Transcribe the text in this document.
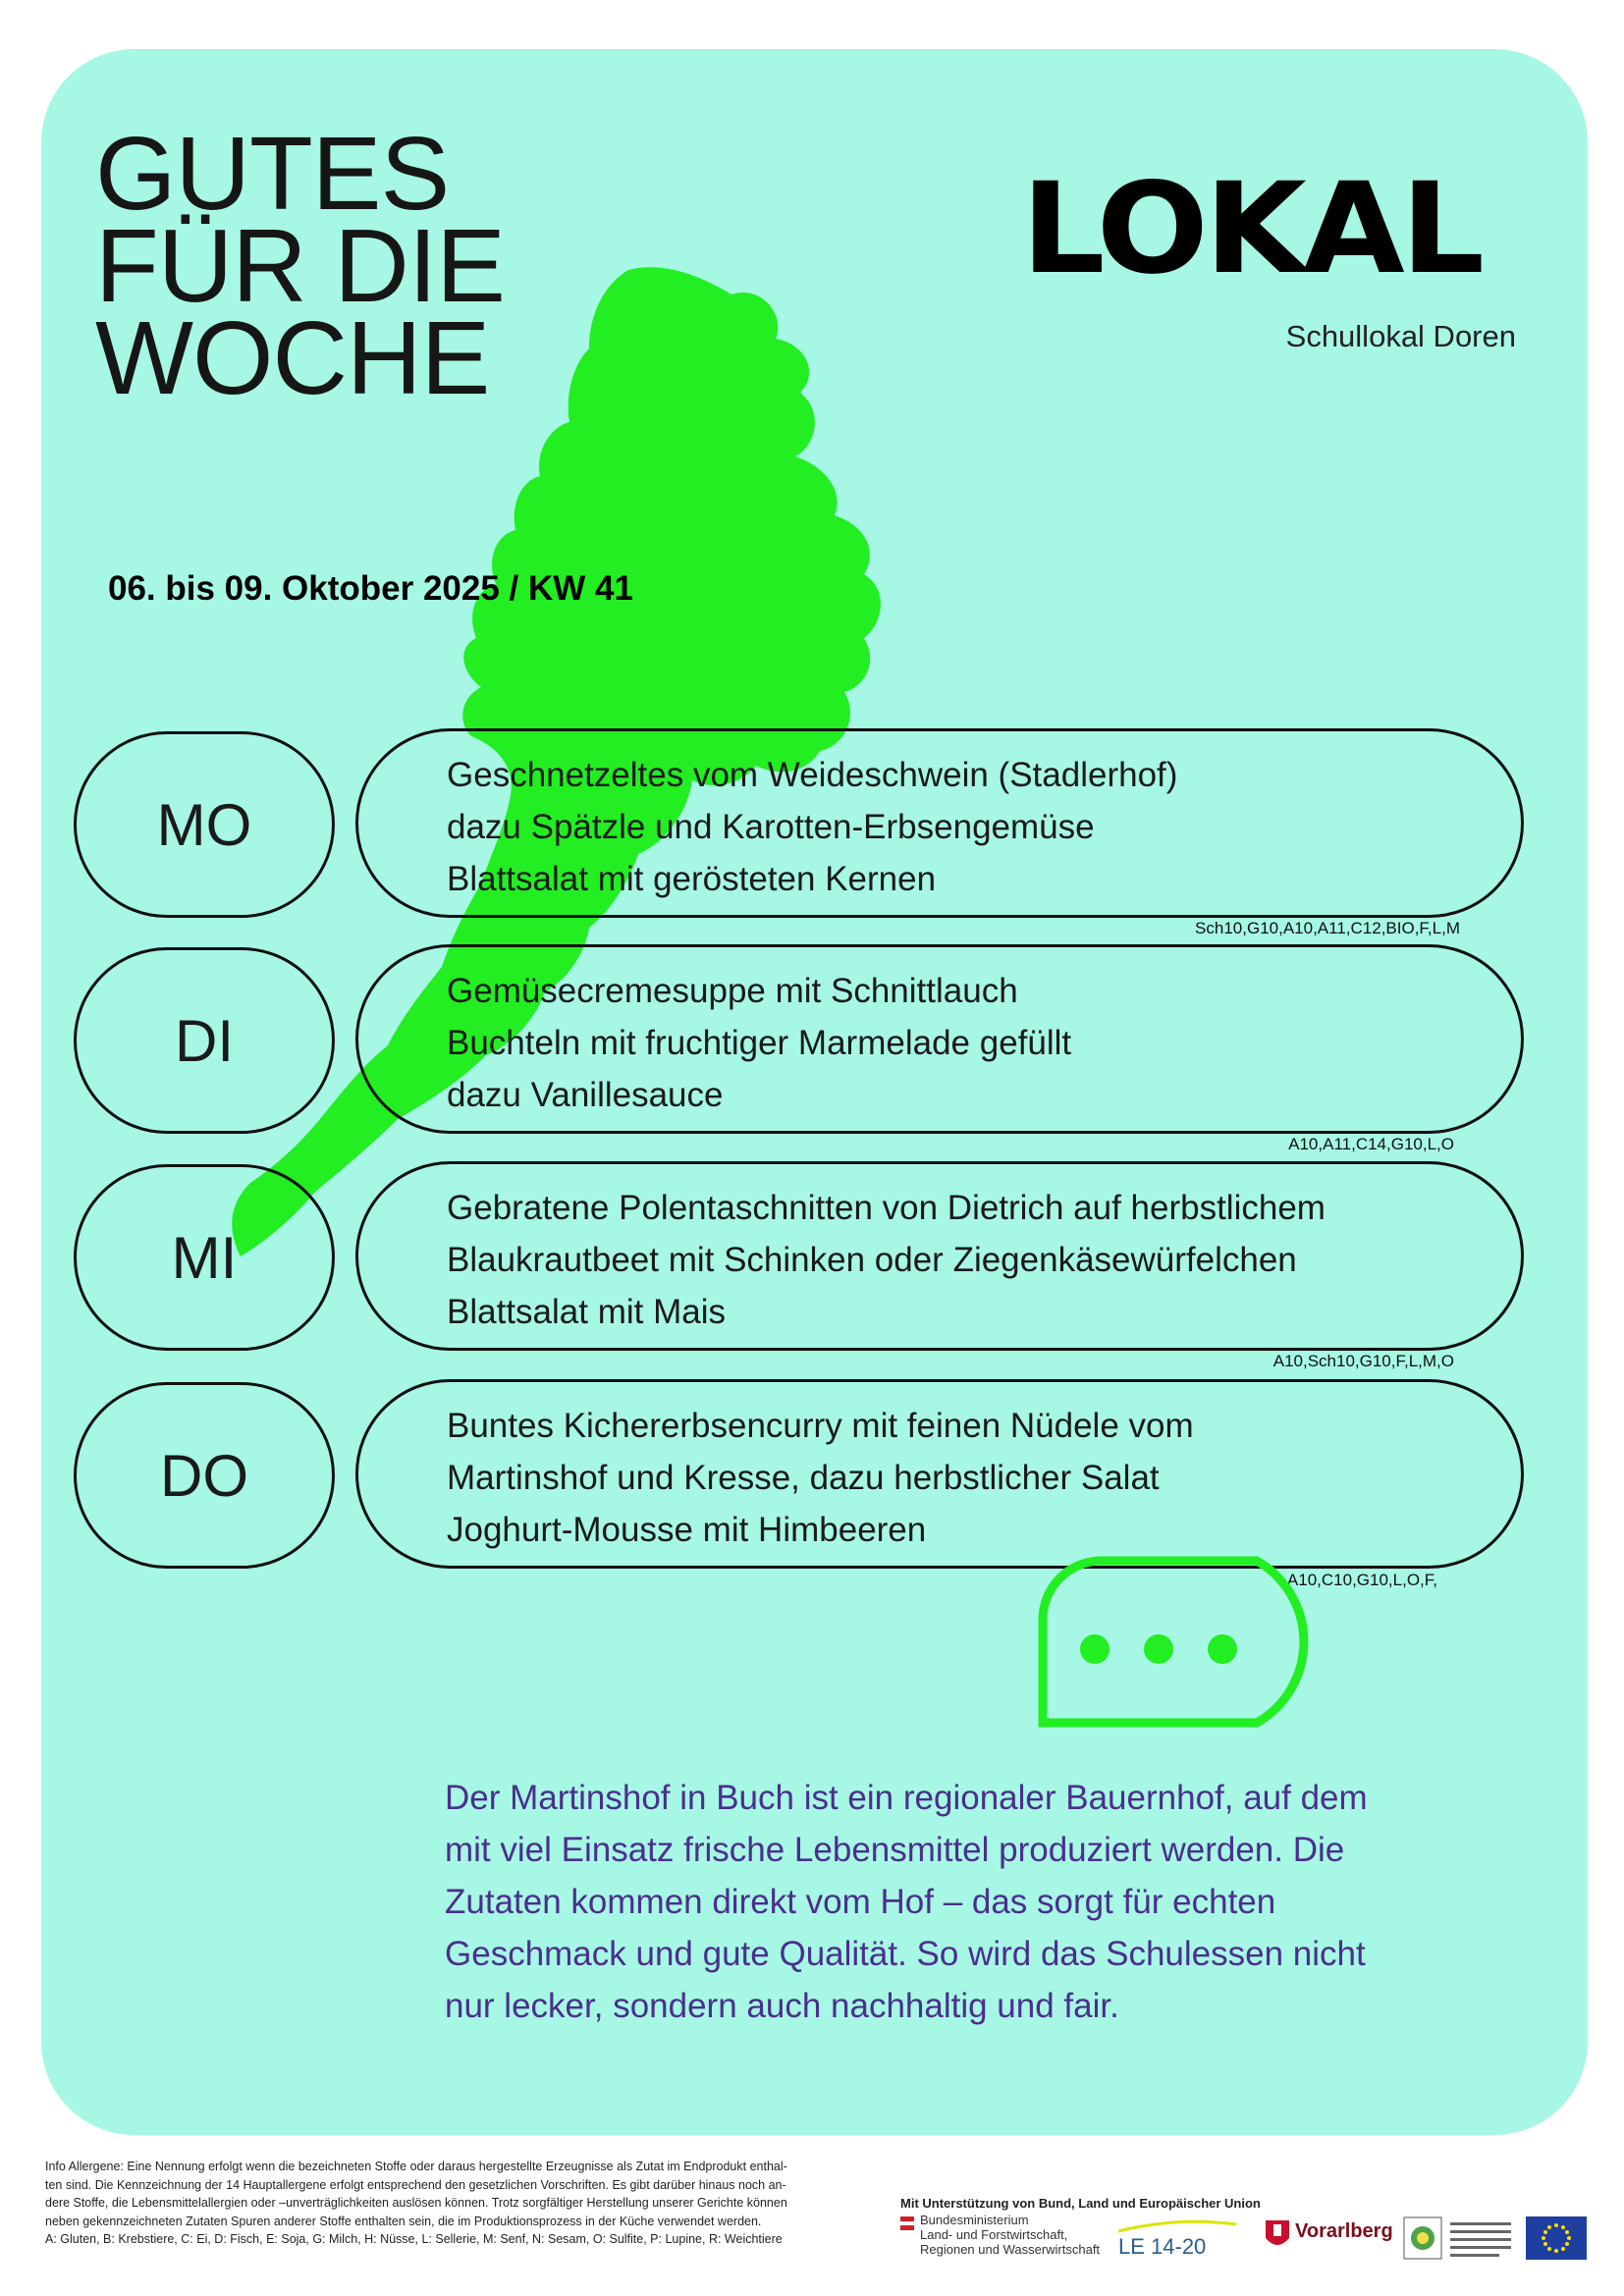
GUTES
FÜR DIE
WOCHE
06. bis 09. Oktober 2025 / KW 41
LOKAL
Schullokal Doren
MO
Geschnetzeltes vom Weideschwein (Stadlerhof)
dazu Spätzle und Karotten-Erbsengemüse
Blattsalat mit gerösteten Kernen
Sch10,G10,A10,A11,C12,BIO,F,L,M
DI
Gemüsecremesuppe mit Schnittlauch
Buchteln mit fruchtiger Marmelade gefüllt
dazu Vanillesauce
A10,A11,C14,G10,L,O
MI
Gebratene Polentaschnitten von Dietrich auf herbstlichem
Blaukrautbeet mit Schinken oder Ziegenkäsewürfelchen
Blattsalat mit Mais
A10,Sch10,G10,F,L,M,O
DO
Buntes Kichererbsencurry mit feinen Nüdele vom
Martinshof und Kresse, dazu herbstlicher Salat
Joghurt-Mousse mit Himbeeren
A10,C10,G10,L,O,F,
Der Martinshof in Buch ist ein regionaler Bauernhof, auf dem
mit viel Einsatz frische Lebensmittel produziert werden. Die
Zutaten kommen direkt vom Hof – das sorgt für echten
Geschmack und gute Qualität. So wird das Schulessen nicht
nur lecker, sondern auch nachhaltig und fair.
Info Allergene: Eine Nennung erfolgt wenn die bezeichneten Stoffe oder daraus hergestellte Erzeugnisse als Zutat im Endprodukt enthal-
ten sind. Die Kennzeichnung der 14 Hauptallergene erfolgt entsprechend den gesetzlichen Vorschriften. Es gibt darüber hinaus noch an-
dere Stoffe, die Lebensmittelallergien oder –unverträglichkeiten auslösen können. Trotz sorgfältiger Herstellung unserer Gerichte können
neben gekennzeichneten Zutaten Spuren anderer Stoffe enthalten sein, die im Produktionsprozess in der Küche verwendet werden.
A: Gluten, B: Krebstiere, C: Ei, D: Fisch, E: Soja, G: Milch, H: Nüsse, L: Sellerie, M: Senf, N: Sesam, O: Sulfite, P: Lupine, R: Weichtiere
Mit Unterstützung von Bund, Land und Europäischer Union
Bundesministerium
Land- und Forstwirtschaft,
Regionen und Wasserwirtschaft LE 14-20
Vorarlberg
